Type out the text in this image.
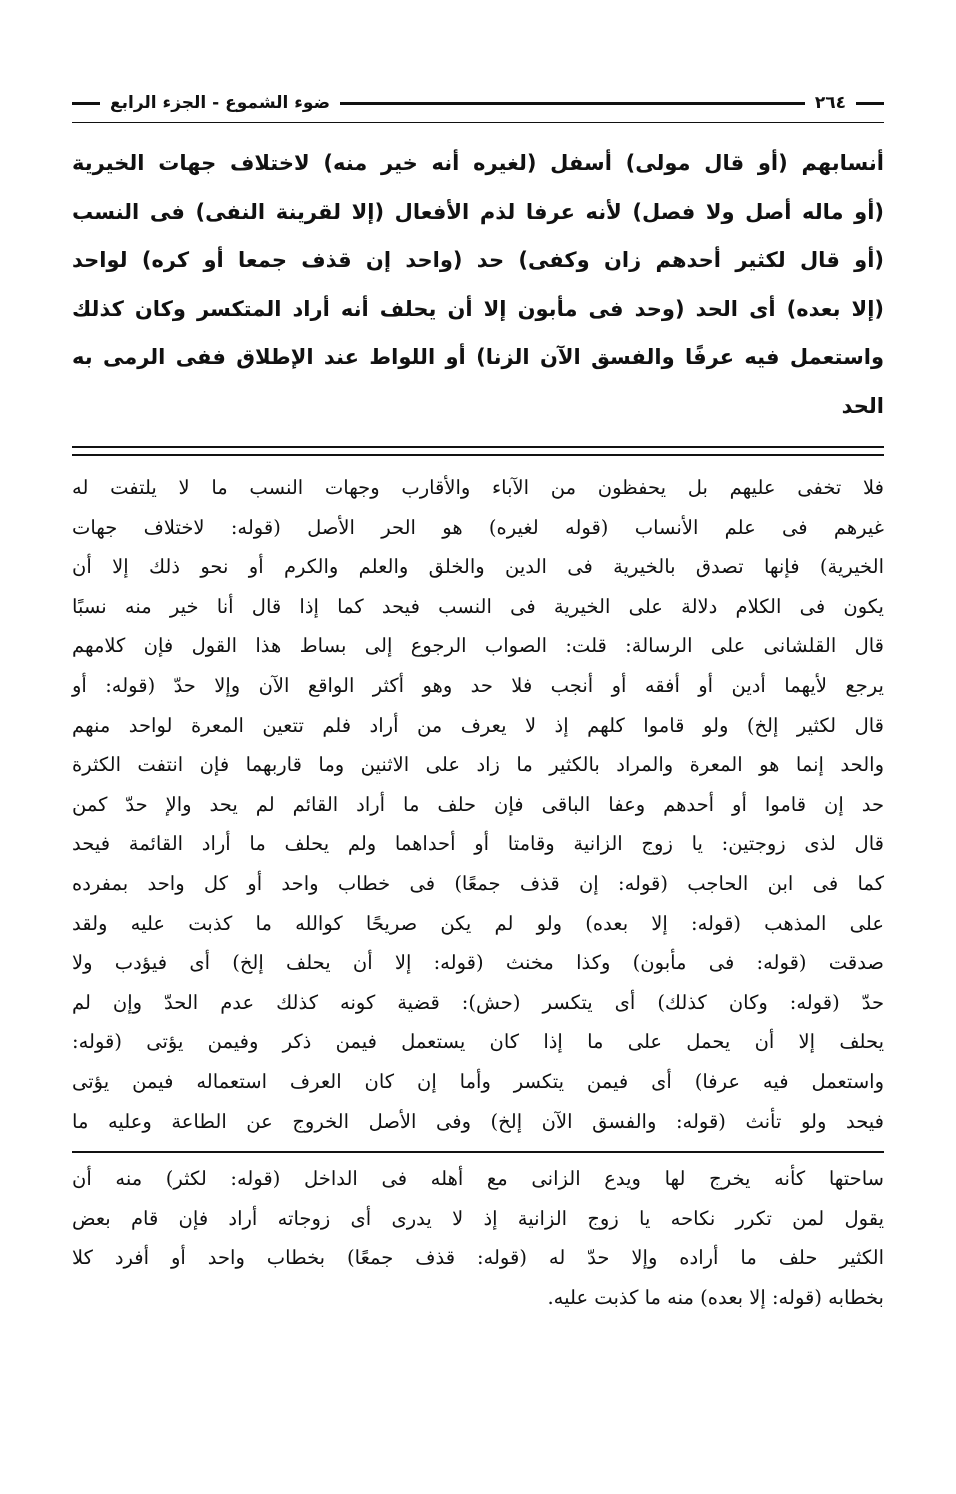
٢٦٤
ضوء الشموع - الجزء الرابع

أنسابهم (أو قال مولى) أسفل (لغيره أنه خير منه) لاختلاف جهات الخيرية

(أو ماله أصل ولا فصل) لأنه عرفا لذم الأفعال (إلا لقرينة النفى) فى النسب

(أو قال لكثير أحدهم زان وكفى) حد (واحد إن قذف جمعا أو كره) لواحد

(إلا بعده) أى الحد (وحد فى مأبون إلا أن يحلف أنه أراد المتكسر وكان كذلك

واستعمل فيه عرفًا والفسق الآن الزنا) أو اللواط عند الإطلاق ففى الرمى به الحد

فلا تخفى عليهم بل يحفظون من الآباء والأقارب وجهات النسب ما لا يلتفت له

غيرهم فى علم الأنساب (قوله لغيره) هو الحر الأصل (قوله: لاختلاف جهات

الخيرية) فإنها تصدق بالخيرية فى الدين والخلق والعلم والكرم أو نحو ذلك إلا أن

يكون فى الكلام دلالة على الخيرية فى النسب فيحد كما إذا قال أنا خير منه نسبًا

قال القلشانى على الرسالة: قلت: الصواب الرجوع إلى بساط هذا القول فإن كلامهم

يرجع لأيهما أدين أو أفقه أو أنجب فلا حد وهو أكثر الواقع الآن وإلا حدّ (قوله: أو

قال لكثير إلخ) ولو قاموا كلهم إذ لا يعرف من أراد فلم تتعين المعرة لواحد منهم

والحد إنما هو المعرة والمراد بالكثير ما زاد على الاثنين وما قاربهما فإن انتفت الكثرة

حد إن قاموا أو أحدهم وعفا الباقى فإن حلف ما أراد القائم لم يحد والإ حدّ كمن

قال لذى زوجتين: يا زوج الزانية وقامتا أو أحداهما ولم يحلف ما أراد القائمة فيحد

كما فى ابن الحاجب (قوله: إن قذف جمعًا) فى خطاب واحد أو كل واحد بمفرده

على المذهب (قوله: إلا بعده) ولو لم يكن صريحًا كوالله ما كذبت عليه ولقد

صدقت (قوله: فى مأبون) وكذا مخنث (قوله: إلا أن يحلف إلخ) أى فيؤدب ولا

حدّ (قوله: وكان كذلك) أى يتكسر (حش): قضية كونه كذلك عدم الحدّ وإن لم

يحلف إلا أن يحمل على ما إذا كان يستعمل فيمن ذكر وفيمن يؤتى (قوله:

واستعمل فيه عرفا) أى فيمن يتكسر وأما إن كان العرف استعماله فيمن يؤتى

فيحد ولو تأنث (قوله: والفسق الآن إلخ) وفى الأصل الخروج عن الطاعة وعليه ما

ساحتها كأنه يخرج لها ويدع الزانى مع أهله فى الداخل (قوله: لكثر) منه أن

يقول لمن تكرر نكاحه يا زوج الزانية إذ لا يدرى أى زوجاته أراد فإن قام بعض

الكثير حلف ما أراده وإلا حدّ له (قوله: قذف جمعًا) بخطاب واحد أو أفرد كلا

بخطابه (قوله: إلا بعده) منه ما كذبت عليه.
